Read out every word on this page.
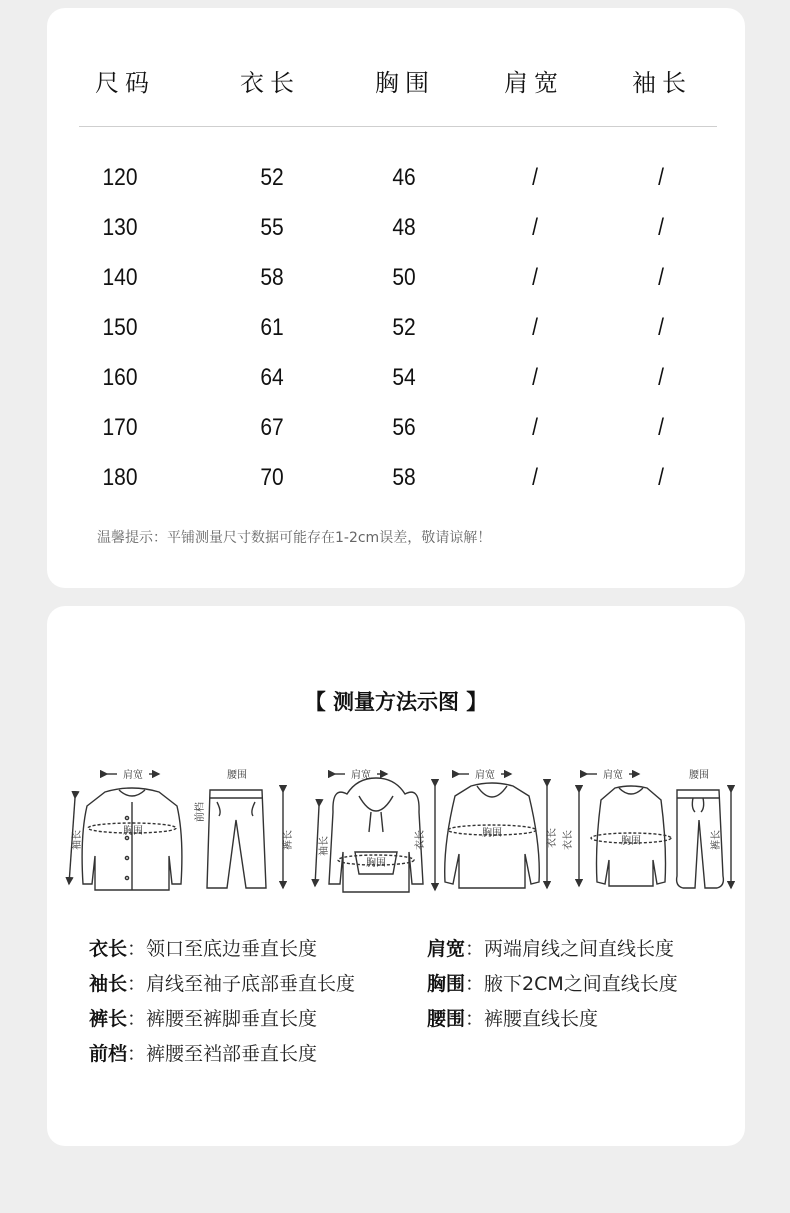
尺码	衣长	胸围	肩宽	袖长
120	52	46	/	/
130	55	48	/	/
140	58	50	/	/
150	61	52	/	/
160	64	54	/	/
170	67	56	/	/
180	70	58	/	/
温馨提示：平铺测量尺寸数据可能存在1-2cm误差，敬请谅解！
【 测量方法示图 】
肩宽
胸围
袖长
腰围
前档
裤长
肩宽
胸围
袖长	衣长
肩宽
胸围	衣长
肩宽
胸围
衣长
腰围
裤长
衣长：领口至底边垂直长度	肩宽：两端肩线之间直线长度
袖长：肩线至袖子底部垂直长度	胸围：腋下2CM之间直线长度
裤长：裤腰至裤脚垂直长度	腰围：裤腰直线长度
前档：裤腰至裆部垂直长度
